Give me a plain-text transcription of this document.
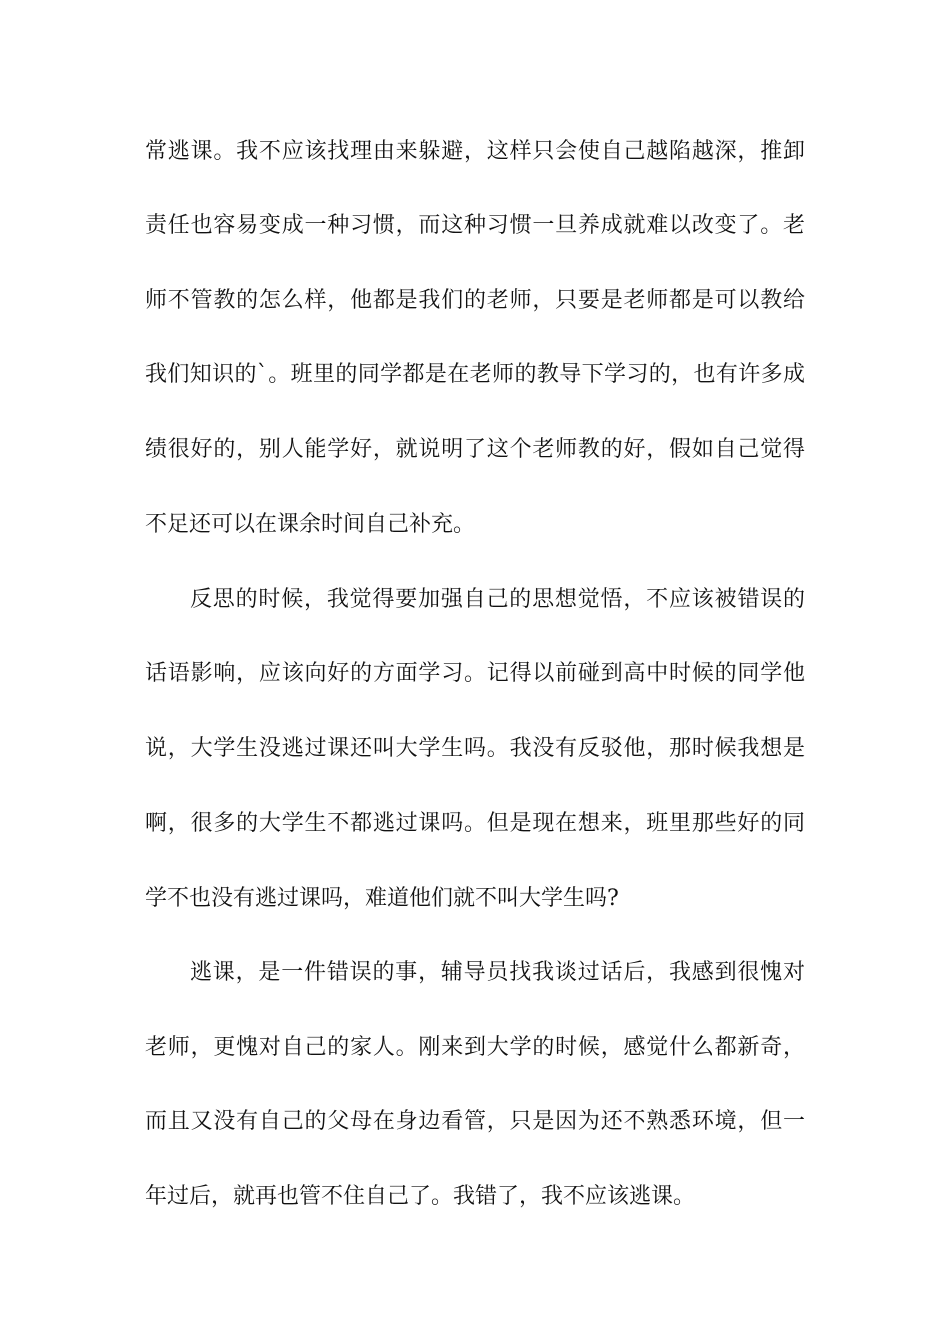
常逃课。我不应该找理由来躲避，这样只会使自己越陷越深，推卸
责任也容易变成一种习惯，而这种习惯一旦养成就难以改变了。老
师不管教的怎么样，他都是我们的老师，只要是老师都是可以教给
我们知识的`。班里的同学都是在老师的教导下学习的，也有许多成
绩很好的，别人能学好，就说明了这个老师教的好，假如自己觉得
不足还可以在课余时间自己补充。
反思的时候，我觉得要加强自己的思想觉悟，不应该被错误的
话语影响，应该向好的方面学习。记得以前碰到高中时候的同学他
说，大学生没逃过课还叫大学生吗。我没有反驳他，那时候我想是
啊，很多的大学生不都逃过课吗。但是现在想来，班里那些好的同
学不也没有逃过课吗，难道他们就不叫大学生吗?
逃课，是一件错误的事，辅导员找我谈过话后，我感到很愧对
老师，更愧对自己的家人。刚来到大学的时候，感觉什么都新奇，
而且又没有自己的父母在身边看管，只是因为还不熟悉环境，但一
年过后，就再也管不住自己了。我错了，我不应该逃课。
